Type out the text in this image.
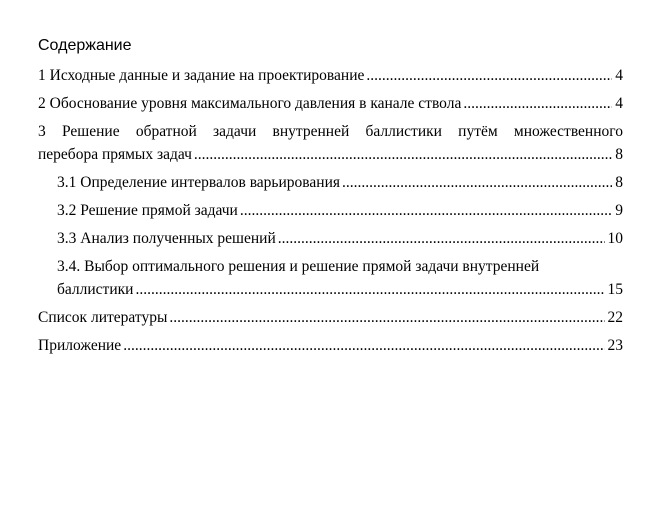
Содержание
1 Исходные данные и задание на проектирование .....	4
2 Обоснование уровня максимального давления в канале ствола .....	4
3 Решение обратной задачи внутренней баллистики путём множественного
перебора прямых задач .....	8
3.1 Определение интервалов варьирования .....	8
3.2 Решение прямой задачи .....	9
3.3 Анализ полученных решений .....	10
3.4. Выбор оптимального решения и решение прямой задачи внутренней
баллистики .....	15
Список литературы .....	22
Приложение .....	23
